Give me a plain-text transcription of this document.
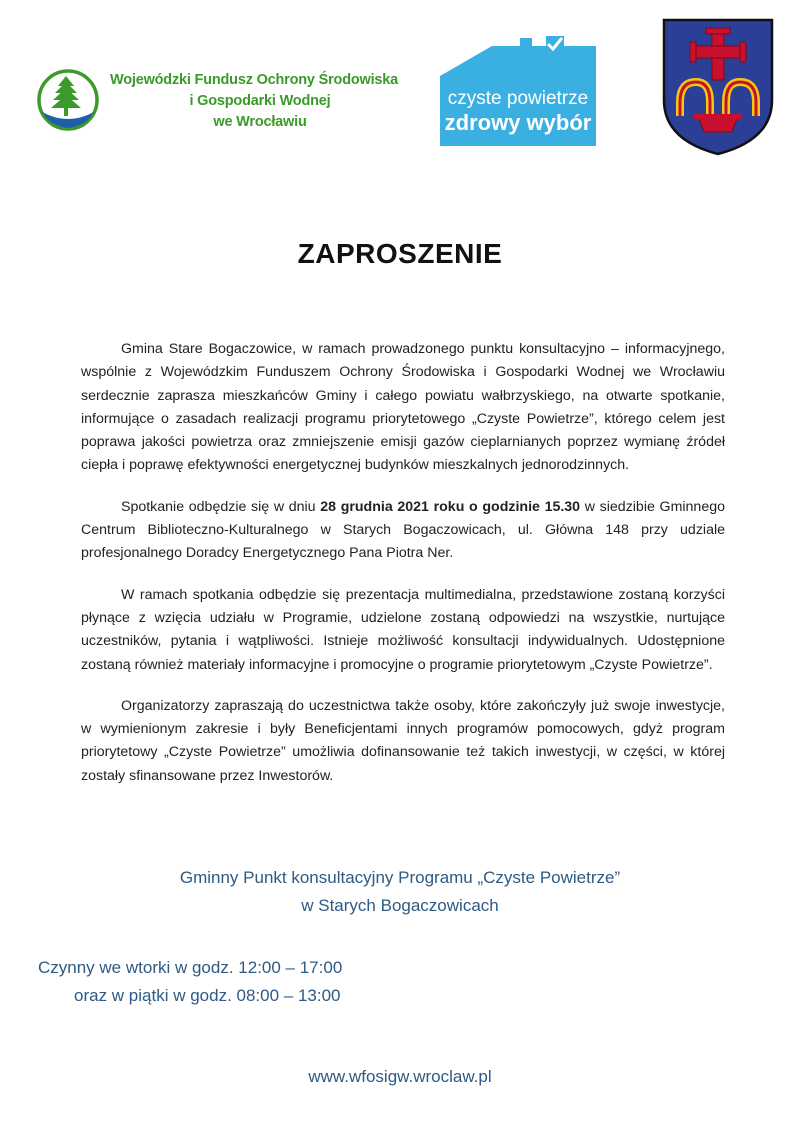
Wojewódzki Fundusz Ochrony Środowiska
i Gospodarki Wodnej
we Wrocławiu
czyste powietrze
zdrowy wybór
ZAPROSZENIE

Gmina Stare Bogaczowice, w ramach prowadzonego punktu konsultacyjno – informacyjnego, wspólnie z Wojewódzkim Funduszem Ochrony Środowiska i Gospodarki Wodnej we Wrocławiu serdecznie zaprasza mieszkańców Gminy i całego powiatu wałbrzyskiego, na otwarte spotkanie, informujące o zasadach realizacji programu priorytetowego „Czyste Powietrze”, którego celem jest poprawa jakości powietrza oraz zmniejszenie emisji gazów cieplarnianych poprzez wymianę źródeł ciepła i poprawę efektywności energetycznej budynków mieszkalnych jednorodzinnych.

Spotkanie odbędzie się w dniu 28 grudnia 2021 roku o godzinie 15.30 w siedzibie Gminnego Centrum Biblioteczno-Kulturalnego w Starych Bogaczowicach, ul. Główna 148 przy udziale profesjonalnego Doradcy Energetycznego Pana Piotra Ner.

W ramach spotkania odbędzie się prezentacja multimedialna, przedstawione zostaną korzyści płynące z wzięcia udziału w Programie, udzielone zostaną odpowiedzi na wszystkie, nurtujące uczestników, pytania i wątpliwości. Istnieje możliwość konsultacji indywidualnych. Udostępnione zostaną również materiały informacyjne i promocyjne o programie priorytetowym „Czyste Powietrze”.

Organizatorzy zapraszają do uczestnictwa także osoby, które zakończyły już swoje inwestycje, w wymienionym zakresie i były Beneficjentami innych programów pomocowych, gdyż program priorytetowy „Czyste Powietrze” umożliwia dofinansowanie też takich inwestycji, w części, w której zostały sfinansowane przez Inwestorów.

Gminny Punkt konsultacyjny Programu „Czyste Powietrze”
w Starych Bogaczowicach
Czynny we wtorki w godz. 12:00 – 17:00
oraz w piątki w godz. 08:00 – 13:00
www.wfosigw.wroclaw.pl
